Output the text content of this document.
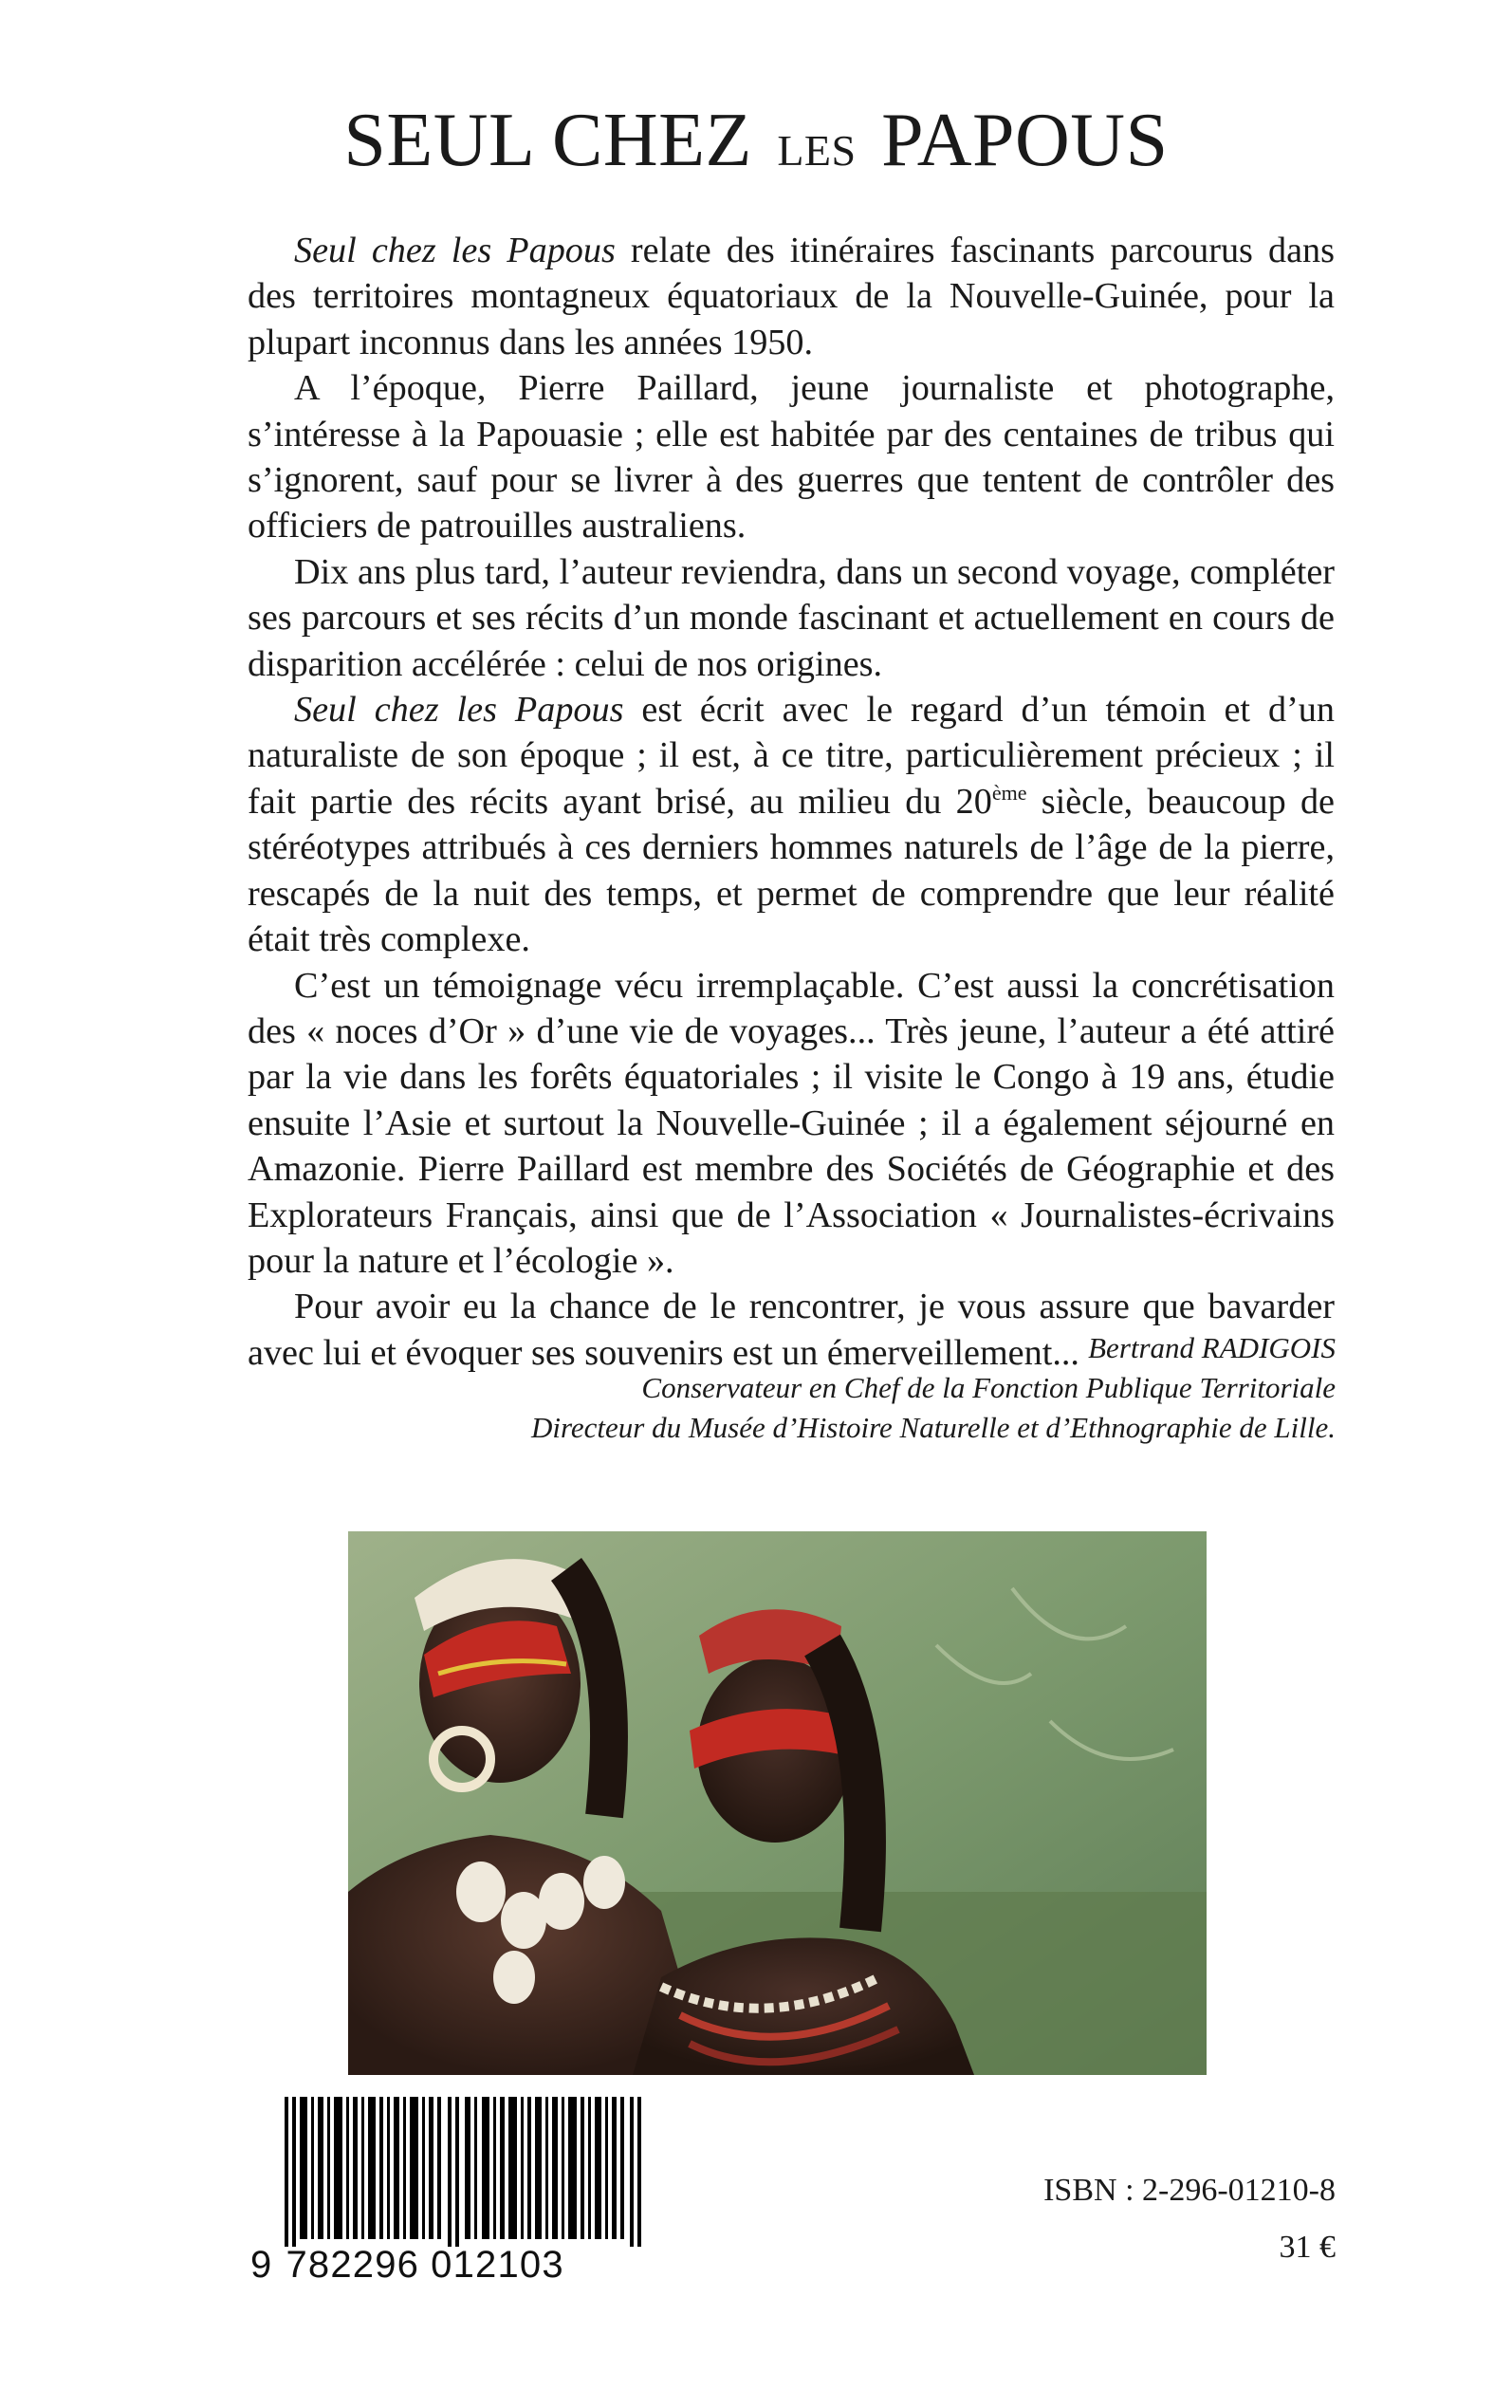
SEUL CHEZ LES PAPOUS

Seul chez les Papous relate des itinéraires fascinants parcourus dans des territoires montagneux équatoriaux de la Nouvelle-Guinée, pour la plupart inconnus dans les années 1950.

A l’époque, Pierre Paillard, jeune journaliste et photographe, s’intéresse à la Papouasie ; elle est habitée par des centaines de tribus qui s’ignorent, sauf pour se livrer à des guerres que tentent de contrôler des officiers de patrouilles australiens.

Dix ans plus tard, l’auteur reviendra, dans un second voyage, compléter ses parcours et ses récits d’un monde fascinant et actuellement en cours de disparition accélérée : celui de nos origines.

Seul chez les Papous est écrit avec le regard d’un témoin et d’un naturaliste de son époque ; il est, à ce titre, particulièrement précieux ; il fait partie des récits ayant brisé, au milieu du 20ème siècle, beaucoup de stéréotypes attribués à ces derniers hommes naturels de l’âge de la pierre, rescapés de la nuit des temps, et permet de comprendre que leur réalité était très complexe.

C’est un témoignage vécu irremplaçable. C’est aussi la concrétisation des « noces d’Or » d’une vie de voyages... Très jeune, l’auteur a été attiré par la vie dans les forêts équatoriales ; il visite le Congo à 19 ans, étudie ensuite l’Asie et surtout la Nouvelle-Guinée ; il a également séjourné en Amazonie. Pierre Paillard est membre des Sociétés de Géographie et des Explorateurs Français, ainsi que de l’Association « Journalistes-écrivains pour la nature et l’écologie ».

Pour avoir eu la chance de le rencontrer, je vous assure que bavarder avec lui et évoquer ses souvenirs est un émerveillement... Bertrand RADIGOIS
Conservateur en Chef de la Fonction Publique Territoriale
Directeur du Musée d’Histoire Naturelle et d’Ethnographie de Lille.
9 782296 012103
ISBN : 2-296-01210-8
31 €
